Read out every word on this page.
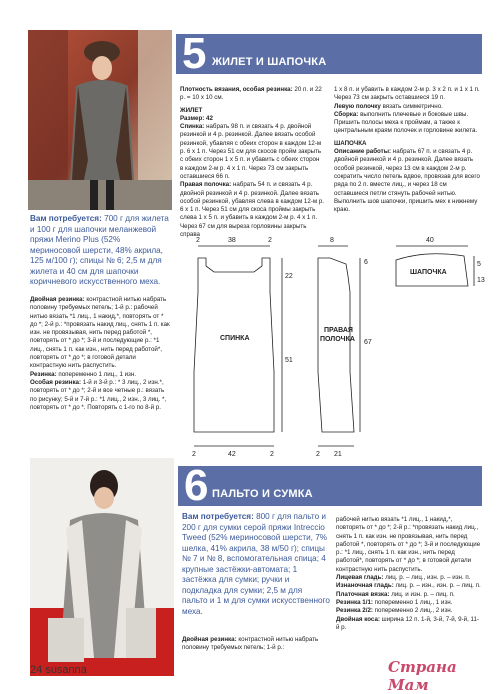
5 ЖИЛЕТ И ШАПОЧКА
Вам потребуется: 700 г для жилета и 100 г для шапочки меланжевой пряжи Merino Plus (52% мериносовой шерсти, 48% акрила, 125 м/100 г); спицы № 6; 2,5 м для жилета и 40 см для шапочки коричневого искусственного меха.

Двойная резинка: контрастной нитью набрать половину требуемых петель; 1-й р.: рабочей нитью вязать *1 лиц., 1 накид,*, повторять от * до *; 2-й р.: *провязать накид лиц., снять 1 п. как изн. не провязывая, нить перед работой *, повторять от * до *; 3-й и последующие р.: *1 лиц., снять 1 п. как изн., нить перед работой*, повторять от * до *; в готовой детали контрастную нить распустить.

Резинка: попеременно 1 лиц., 1 изн.

Особая резинка: 1-й и 3-й р.: * 3 лиц., 2 изн.*, повторять от * до *; 2-й и все четные р.: вязать по рисунку; 5-й и 7-й р.: *1 лиц., 2 изн., 3 лиц. *, повторять от * до *. Повторять с 1-го по 8-й р.

Плотность вязания, особая резинка: 20 п. и 22 р. = 10 х 10 см.

ЖИЛЕТ

Размер: 42

Спинка: набрать 98 п. и связать 4 р. двойной резинкой и 4 р. резинкой. Далее вязать особой резинкой, убавляя с обеих сторон в каждом 12-м р. 6 х 1 п. Через 51 см для скосов пройм закрыть с обеих сторон 1 х 5 п. и убавить с обеих сторон в каждом 2-м р. 4 х 1 п. Через 73 см закрыть оставшиеся 66 п.

Правая полочка: набрать 54 п. и связать 4 р. двойной резинкой и 4 р. резинкой. Далее вязать особой резинкой, убавляя слева в каждом 12-м р. 6 х 1 п. Через 51 см для скоса проймы закрыть слева 1 х 5 п. и убавить в каждом 2-м р. 4 х 1 п. Через 67 см для выреза горловины закрыть справа

1 х 8 п. и убавить в каждом 2-м р. 3 х 2 п. и 1 х 1 п. Через 73 см закрыть оставшиеся 19 п.

Левую полочку вязать симметрично.

Сборка: выполнить плечевые и боковые швы. Пришить полосы меха к проймам, а также к центральным краям полочек и горловине жилета.

ШАПОЧКА

Описание работы: набрать 67 п. и связать 4 р. двойной резинкой и 4 р. резинкой. Далее вязать особой резинкой, через 13 см в каждом 2-м р. сократить число петель вдвое, провязав для всего ряда по 2 п. вместе лиц., и через 18 см оставшиеся петли стянуть рабочей нитью. Выполнить шов шапочки, пришить мех к нижнему краю.

2	38	2
22
51
2	42	2
СПИНКА
8
6
67
2 21
ПРАВАЯ
ПОЛОЧКА
40
5
13
ШАПОЧКА
6 ПАЛЬТО И СУМКА
Вам потребуется: 800 г для пальто и 200 г для сумки серой пряжи Intreccio Tweed (52% мериносовой шерсти, 7% шелка, 41% акрила, 38 м/50 г); спицы № 7 и № 8, вспомогательная спица; 4 крупные застёжки-автомата; 1 застёжка для сумки; ручки и подкладка для сумки; 2,5 м для пальто и 1 м для сумки искусственного меха.

Двойная резинка: контрастной нитью набрать половину требуемых петель; 1-й р.:

рабочей нитью вязать *1 лиц., 1 накид,*, повторять от * до *; 2-й р.: *провязать накид лиц., снять 1 п. как изн. не провязывая, нить перед работой *, повторять от * до *; 3-й и последующие р.: *1 лиц., снять 1 п. как изн., нить перед работой*, повторять от * до *; в готовой детали контрастную нить распустить.

Лицевая гладь: лиц. р. – лиц., изн. р. – изн. п.

Изнаночная гладь: лиц. р. – изн., изн. р. – лиц. п.

Платочная вязка: лиц. и изн. р. – лиц. п.

Резинка 1/1: попеременно 1 лиц., 1 изн.

Резинка 2/2: попеременно 2 лиц., 2 изн.

Двойная коса: ширина 12 п. 1-й, 3-й, 7-й, 9-й, 11-й р.

24 susanna	Страна Мам
